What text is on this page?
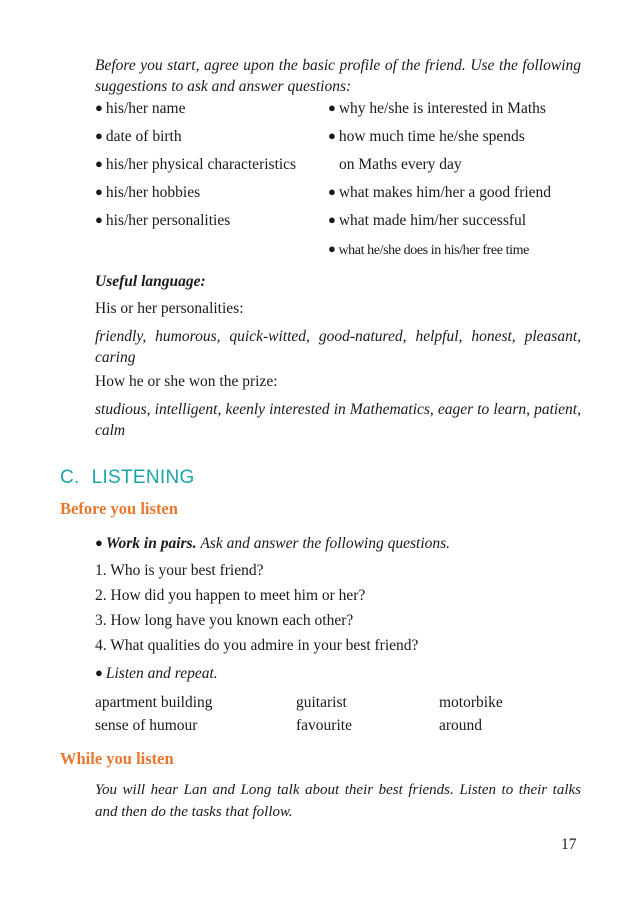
Before you start, agree upon the basic profile of the friend. Use the following suggestions to ask and answer questions:

● his/her name
● date of birth
● his/her physical characteristics
● his/her hobbies
● his/her personalities
● why he/she is interested in Maths
● how much time he/she spends
on Maths every day
● what makes him/her a good friend
● what made him/her successful
● what he/she does in his/her free time
Useful language:
His or her personalities:

friendly, humorous, quick-witted, good-natured, helpful, honest, pleasant, caring

How he or she won the prize:

studious, intelligent, keenly interested in Mathematics, eager to learn, patient, calm

C. LISTENING
Before you listen
● Work in pairs. Ask and answer the following questions.
1. Who is your best friend?
2. How did you happen to meet him or her?
3. How long have you known each other?
4. What qualities do you admire in your best friend?
● Listen and repeat.
apartment building	guitarist	motorbike
sense of humour	favourite	around
While you listen

You will hear Lan and Long talk about their best friends. Listen to their talks and then do the tasks that follow.

17
